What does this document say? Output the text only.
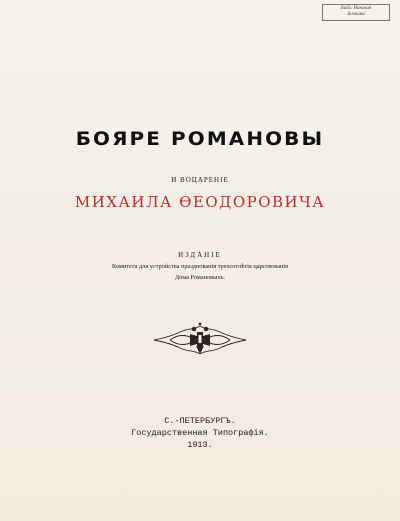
Библ. Николая
Бочкина
БОЯРЕ РОМАНОВЫ
И ВОЦАРЕНІЕ
МИХАИЛА ѲЕОДОРОВИЧА
ИЗДАНІЕ
Комитета для устройства празднованія трехсотлѣтія царствованія
Дома Романовыхъ.
С.-ПЕТЕРБУРГЪ.
Государственная Типографія.
1913.
